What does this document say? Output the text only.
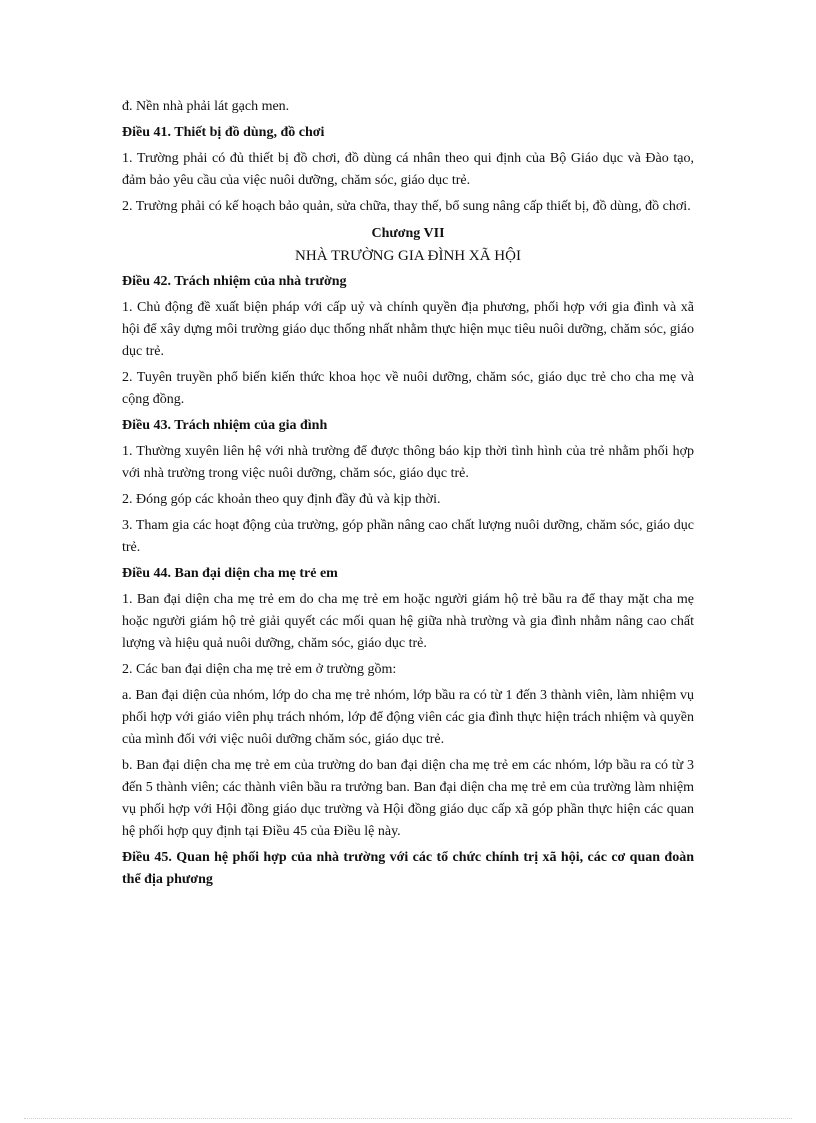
đ. Nền nhà phải lát gạch men.

Điều 41. Thiết bị đồ dùng, đồ chơi

1. Trường phải có đủ thiết bị đồ chơi, đồ dùng cá nhân theo qui định của Bộ Giáo dục và Đào tạo, đảm bảo yêu cầu của việc nuôi dưỡng, chăm sóc, giáo dục trẻ.

2. Trường phải có kế hoạch bảo quản, sửa chữa, thay thế, bổ sung nâng cấp thiết bị, đồ dùng, đồ chơi.

Chương VII

NHÀ TRƯỜNG GIA ĐÌNH XÃ HỘI

Điều 42. Trách nhiệm của nhà trường

1. Chủ động đề xuất biện pháp với cấp uỷ và chính quyền địa phương, phối hợp với gia đình và xã hội để xây dựng môi trường giáo dục thống nhất nhằm thực hiện mục tiêu nuôi dưỡng, chăm sóc, giáo dục trẻ.

2. Tuyên truyền phổ biến kiến thức khoa học về nuôi dưỡng, chăm sóc, giáo dục trẻ cho cha mẹ và cộng đồng.

Điều 43. Trách nhiệm của gia đình

1. Thường xuyên liên hệ với nhà trường để được thông báo kịp thời tình hình của trẻ nhằm phối hợp với nhà trường trong việc nuôi dưỡng, chăm sóc, giáo dục trẻ.

2. Đóng góp các khoản theo quy định đầy đủ và kịp thời.

3. Tham gia các hoạt động của trường, góp phần nâng cao chất lượng nuôi dưỡng, chăm sóc, giáo dục trẻ.

Điều 44. Ban đại diện cha mẹ trẻ em

1. Ban đại diện cha mẹ trẻ em do cha mẹ trẻ em hoặc người giám hộ trẻ bầu ra để thay mặt cha mẹ hoặc người giám hộ trẻ giải quyết các mối quan hệ giữa nhà trường và gia đình nhằm nâng cao chất lượng và hiệu quả nuôi dưỡng, chăm sóc, giáo dục trẻ.

2. Các ban đại diện cha mẹ trẻ em ở trường gồm:

a. Ban đại diện của nhóm, lớp do cha mẹ trẻ nhóm, lớp bầu ra có từ 1 đến 3 thành viên, làm nhiệm vụ phối hợp với giáo viên phụ trách nhóm, lớp để động viên các gia đình thực hiện trách nhiệm và quyền của mình đối với việc nuôi dưỡng chăm sóc, giáo dục trẻ.

b. Ban đại diện cha mẹ trẻ em của trường do ban đại diện cha mẹ trẻ em các nhóm, lớp bầu ra có từ 3 đến 5 thành viên; các thành viên bầu ra trưởng ban. Ban đại diện cha mẹ trẻ em của trường làm nhiệm vụ phối hợp với Hội đồng giáo dục trường và Hội đồng giáo dục cấp xã góp phần thực hiện các quan hệ phối hợp quy định tại Điều 45 của Điều lệ này.

Điều 45. Quan hệ phối hợp của nhà trường với các tổ chức chính trị xã hội, các cơ quan đoàn thể địa phương
